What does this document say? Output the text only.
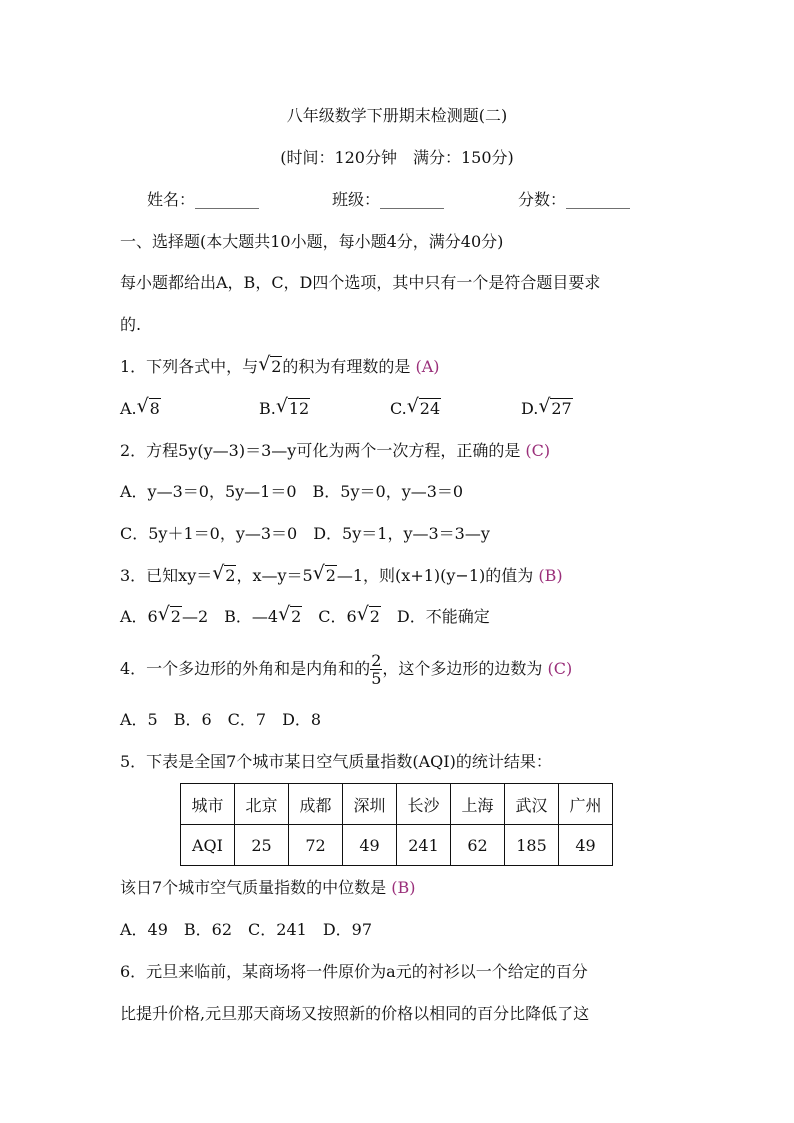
八年级数学下册期末检测题(二)
(时间：120分钟　满分：150分)
姓名：________	班级：________	分数：________
一、选择题(本大题共10小题，每小题4分，满分40分)
每小题都给出A，B，C，D四个选项，其中只有一个是符合题目要求
的.
1．下列各式中，与 √ 2的积为有理数的是 (A)
A. √ 8	B. √ 12	C. √ 24	D. √ 27
2．方程5y(y—3)＝3—y可化为两个一次方程，正确的是 (C)
A．y—3＝0，5y—1＝0　B．5y＝0，y—3＝0
C．5y＋1＝0，y—3＝0　D．5y＝1，y—3＝3—y
3．已知xy＝ √ 2，x—y＝5 √ 2—1，则(x+1)(y−1)的值为 (B)
A．6 √ 2—2　B．—4 √ 2　C．6 √ 2　D．不能确定
4．一个多边形的外角和是内角和的 $\frac{2}{5}$ ，这个多边形的边数为 (C)
A．5　B．6　C．7　D．8
5．下表是全国7个城市某日空气质量指数(AQI)的统计结果：
城市	北京	成都	深圳	长沙	上海	武汉	广州
AQI	25	72	49	241	62	185	49
该日7个城市空气质量指数的中位数是 (B)
A．49　B．62　C．241　D．97
6．元旦来临前，某商场将一件原价为a元的衬衫以一个给定的百分
比提升价格,元旦那天商场又按照新的价格以相同的百分比降低了这
